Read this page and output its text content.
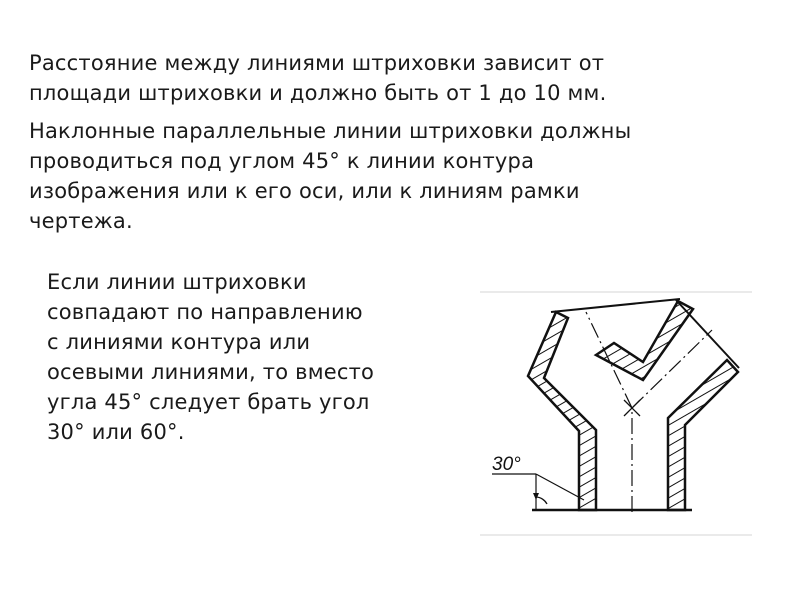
Расстояние между линиями штриховки зависит от
площади штриховки и должно быть от 1 до 10 мм.
Наклонные параллельные линии штриховки должны
проводиться под углом 45° к линии контура
изображения или к его оси, или к линиям рамки
чертежа.
Если линии штриховки
совпадают по направлению
с линиями контура или
осевыми линиями, то вместо
угла 45° следует брать угол
30° или 60°.
30°
